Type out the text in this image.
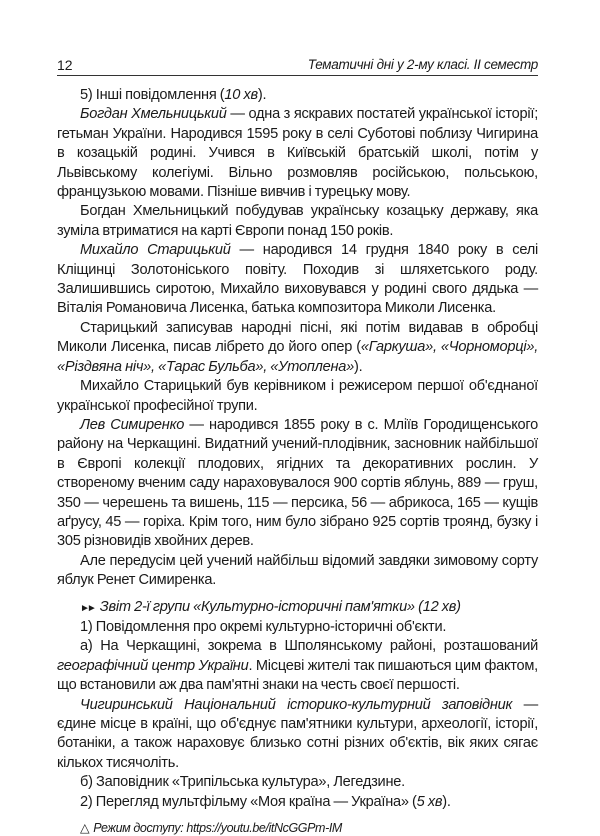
12	Тематичні дні у 2-му класі. II семестр

5) Інші повідомлення (10 хв).

Богдан Хмельницький — одна з яскравих постатей української історії; гетьман України. Народився 1595 року в селі Суботові поблизу Чигирина в козацькій родині. Учився в Київській братській школі, потім у Львівському колегіумі. Вільно розмовляв російською, польською, французькою мовами. Пізніше вивчив і турецьку мову.

Богдан Хмельницький побудував українську козацьку державу, яка зуміла втриматися на карті Європи понад 150 років.

Михайло Старицький — народився 14 грудня 1840 року в селі Кліщинці Золотоніського повіту. Походив зі шляхетського роду. Залишившись сиротою, Михайло виховувався у родині свого дядька — Віталія Романовича Лисенка, батька композитора Миколи Лисенка.

Старицький записував народні пісні, які потім видавав в обробці Миколи Лисенка, писав лібрето до його опер («Гаркуша», «Чорноморці», «Різдвяна ніч», «Тарас Бульба», «Утоплена»).

Михайло Старицький був керівником і режисером першої об'єднаної української професійної трупи.

Лев Симиренко — народився 1855 року в с. Мліїв Городищенського району на Черкащині. Видатний учений-плодівник, засновник найбільшої в Європі колекції плодових, ягідних та декоративних рослин. У створеному вченим саду нараховувалося 900 сортів яблунь, 889 — груш, 350 — черешень та вишень, 115 — персика, 56 — абрикоса, 165 — кущів аґрусу, 45 — горіха. Крім того, ним було зібрано 925 сортів троянд, бузку і 305 різновидів хвойних дерев.

Але передусім цей учений найбільш відомий завдяки зимовому сорту яблук Ренет Симиренка.

►► Звіт 2-ї групи «Культурно-історичні пам'ятки» (12 хв)

1) Повідомлення про окремі культурно-історичні об'єкти.

а) На Черкащині, зокрема в Шполянському районі, розташований географічний центр України. Місцеві жителі так пишаються цим фактом, що встановили аж два пам'ятні знаки на честь своєї першості.

Чигиринський Національний історико-культурний заповідник — єдине місце в країні, що об'єднує пам'ятники культури, археології, історії, ботаніки, а також нараховує близько сотні різних об'єктів, вік яких сягає кількох тисячоліть.

б) Заповідник «Трипільська культура», Легедзине.

2) Перегляд мультфільму «Моя країна — Україна» (5 хв).

△ Режим доступу: https://youtu.be/itNcGGPm-IM
